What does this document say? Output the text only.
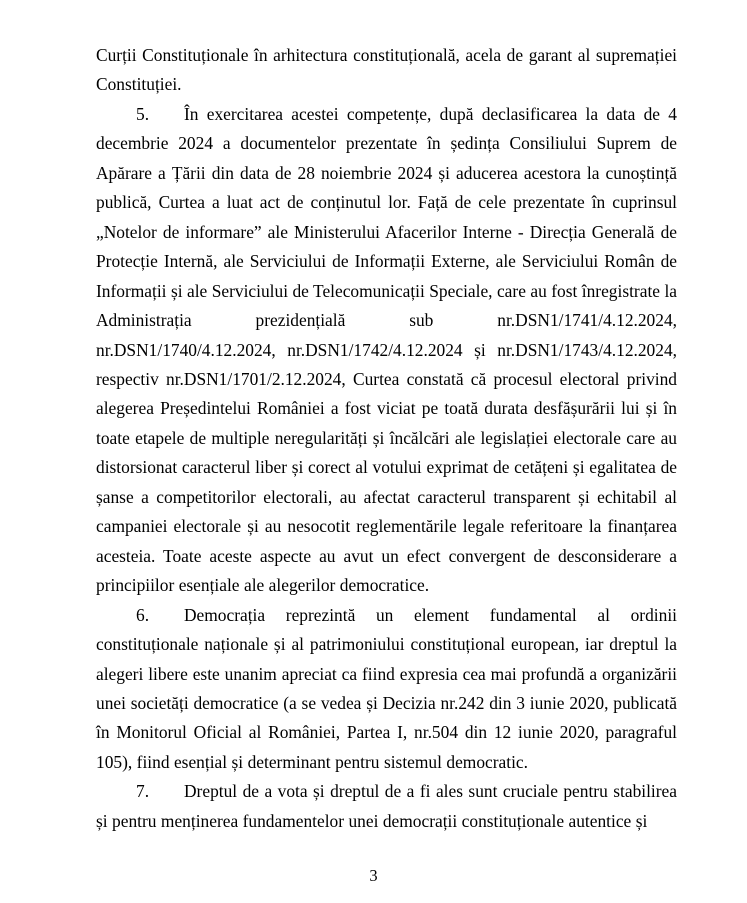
Curții Constituționale în arhitectura constituțională, acela de garant al supremației Constituției.

5. În exercitarea acestei competențe, după declasificarea la data de 4 decembrie 2024 a documentelor prezentate în ședința Consiliului Suprem de Apărare a Țării din data de 28 noiembrie 2024 și aducerea acestora la cunoștință publică, Curtea a luat act de conținutul lor. Față de cele prezentate în cuprinsul „Notelor de informare” ale Ministerului Afacerilor Interne - Direcția Generală de Protecție Internă, ale Serviciului de Informații Externe, ale Serviciului Român de Informații și ale Serviciului de Telecomunicații Speciale, care au fost înregistrate la Administrația prezidențială sub nr.DSN1/1741/4.12.2024, nr.DSN1/1740/4.12.2024, nr.DSN1/1742/4.12.2024 și nr.DSN1/1743/4.12.2024, respectiv nr.DSN1/1701/2.12.2024, Curtea constată că procesul electoral privind alegerea Președintelui României a fost viciat pe toată durata desfășurării lui și în toate etapele de multiple neregularități și încălcări ale legislației electorale care au distorsionat caracterul liber și corect al votului exprimat de cetățeni și egalitatea de șanse a competitorilor electorali, au afectat caracterul transparent și echitabil al campaniei electorale și au nesocotit reglementările legale referitoare la finanțarea acesteia. Toate aceste aspecte au avut un efect convergent de desconsiderare a principiilor esențiale ale alegerilor democratice.

6. Democrația reprezintă un element fundamental al ordinii constituționale naționale și al patrimoniului constituțional european, iar dreptul la alegeri libere este unanim apreciat ca fiind expresia cea mai profundă a organizării unei societăți democratice (a se vedea și Decizia nr.242 din 3 iunie 2020, publicată în Monitorul Oficial al României, Partea I, nr.504 din 12 iunie 2020, paragraful 105), fiind esențial și determinant pentru sistemul democratic.

7. Dreptul de a vota și dreptul de a fi ales sunt cruciale pentru stabilirea și pentru menținerea fundamentelor unei democrații constituționale autentice și

3
